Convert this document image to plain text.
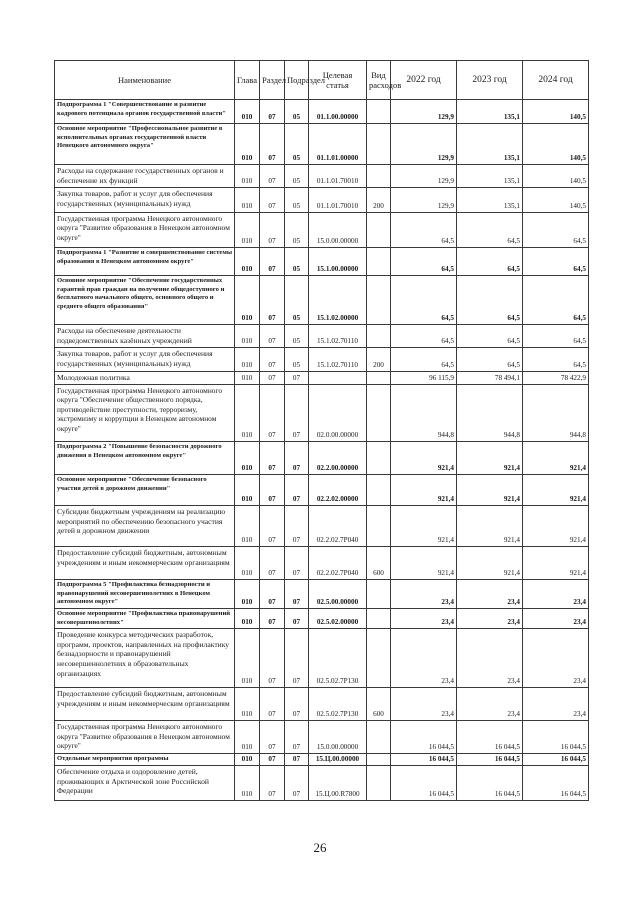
Наименование	Глава	Раздел	Подраздел	Целевая статья	Вид расходов	2022 год	2023 год	2024 год
Подпрограмма 1 "Совершенствование и развитие кадрового потенциала органов государственной власти"	010	07	05	01.1.00.00000		129,9	135,1	140,5
Основное мероприятие "Профессиональное развитие в исполнительных органах государственной власти Ненецкого автономного округа"	010	07	05	01.1.01.00000		129,9	135,1	140,5
Расходы на содержание государственных органов и обеспечение их функций	010	07	05	01.1.01.70010		129,9	135,1	140,5
Закупка товаров, работ и услуг для обеспечения государственных (муниципальных) нужд	010	07	05	01.1.01.70010	200	129,9	135,1	140,5
Государственная программа Ненецкого автономного округа "Развитие образования в Ненецком автономном округе"	010	07	05	15.0.00.00000		64,5	64,5	64,5
Подпрограмма 1 "Развитие и совершенствование системы образования в Ненецком автономном округе"	010	07	05	15.1.00.00000		64,5	64,5	64,5
Основное мероприятие "Обеспечение государственных гарантий прав граждан на получение общедоступного и бесплатного начального общего, основного общего и среднего общего образования"	010	07	05	15.1.02.00000		64,5	64,5	64,5
Расходы на обеспечение деятельности подведомственных казённых учреждений	010	07	05	15.1.02.70110		64,5	64,5	64,5
Закупка товаров, работ и услуг для обеспечения государственных (муниципальных) нужд	010	07	05	15.1.02.70110	200	64,5	64,5	64,5
Молодежная политика	010	07	07			96 115,9	78 494,1	78 422,9
Государственная программа Ненецкого автономного округа "Обеспечение общественного порядка, противодействие преступности, терроризму, экстремизму и коррупции в Ненецком автономном округе"	010	07	07	02.0.00.00000		944,8	944,8	944,8
Подпрограмма 2 "Повышение безопасности дорожного движения в Ненецком автономном округе"	010	07	07	02.2.00.00000		921,4	921,4	921,4
Основное мероприятие "Обеспечение безопасного участия детей в дорожном движении"	010	07	07	02.2.02.00000		921,4	921,4	921,4
Субсидии бюджетным учреждениям на реализацию мероприятий по обеспечению безопасного участия детей в дорожном движении	010	07	07	02.2.02.7Р040		921,4	921,4	921,4
Предоставление субсидий бюджетным, автономным учреждениям и иным некоммерческим организациям	010	07	07	02.2.02.7Р040	600	921,4	921,4	921,4
Подпрограмма 5 "Профилактика безнадзорности и правонарушений несовершеннолетних в Ненецком автономном округе"	010	07	07	02.5.00.00000		23,4	23,4	23,4
Основное мероприятие "Профилактика правонарушений несовершеннолетних"	010	07	07	02.5.02.00000		23,4	23,4	23,4
Проведение конкурса методических разработок, программ, проектов, направленных на профилактику безнадзорности и правонарушений несовершеннолетних в образовательных организациях	010	07	07	02.5.02.7Р130		23,4	23,4	23,4
Предоставление субсидий бюджетным, автономным учреждениям и иным некоммерческим организациям	010	07	07	02.5.02.7Р130	600	23,4	23,4	23,4
Государственная программа Ненецкого автономного округа "Развитие образования в Ненецком автономном округе"	010	07	07	15.0.00.00000		16 044,5	16 044,5	16 044,5
Отдельные мероприятия программы	010	07	07	15.Ц.00.00000		16 044,5	16 044,5	16 044,5
Обеспечение отдыха и оздоровление детей, проживающих в Арктической зоне Российской Федерации	010	07	07	15.Ц.00.R7800		16 044,5	16 044,5	16 044,5
26
